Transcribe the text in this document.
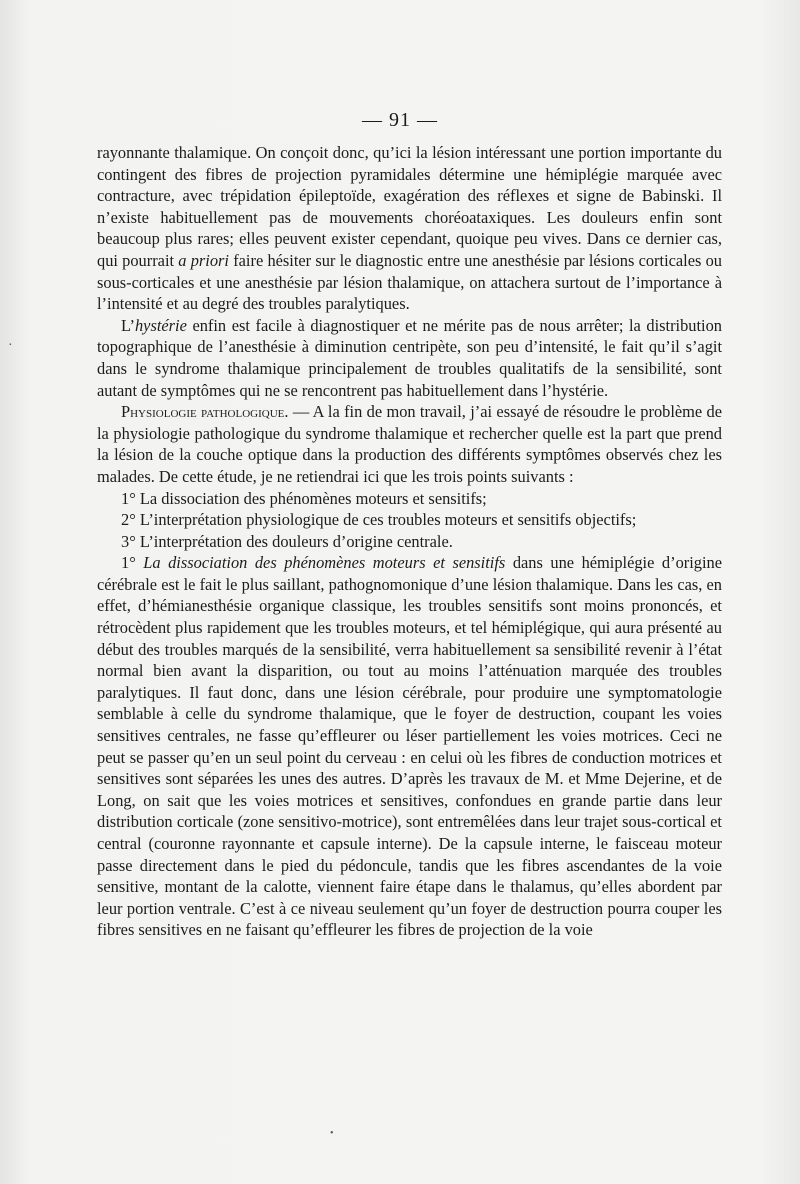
·
— 91 —

rayonnante thalamique. On conçoit donc, qu’ici la lésion intéressant une portion importante du contingent des fibres de projection pyramidales détermine une hémiplégie marquée avec contracture, avec trépidation épileptoïde, exagération des réflexes et signe de Babinski. Il n’existe habituellement pas de mouvements choréoataxiques. Les douleurs enfin sont beaucoup plus rares; elles peuvent exister cependant, quoique peu vives. Dans ce dernier cas, qui pourrait a priori faire hésiter sur le diagnostic entre une anesthésie par lésions corticales ou sous-corticales et une anesthésie par lésion thalamique, on attachera surtout de l’importance à l’intensité et au degré des troubles paralytiques.

L’hystérie enfin est facile à diagnostiquer et ne mérite pas de nous arrêter; la distribution topographique de l’anesthésie à diminution centripète, son peu d’intensité, le fait qu’il s’agit dans le syndrome thalamique principalement de troubles qualitatifs de la sensibilité, sont autant de symptômes qui ne se rencontrent pas habituellement dans l’hystérie.

Physiologie pathologique. — A la fin de mon travail, j’ai essayé de résoudre le problème de la physiologie pathologique du syndrome thalamique et rechercher quelle est la part que prend la lésion de la couche optique dans la production des différents symptômes observés chez les malades. De cette étude, je ne retiendrai ici que les trois points suivants :

1° La dissociation des phénomènes moteurs et sensitifs;

2° L’interprétation physiologique de ces troubles moteurs et sensitifs objectifs;

3° L’interprétation des douleurs d’origine centrale.

1° La dissociation des phénomènes moteurs et sensitifs dans une hémiplégie d’origine cérébrale est le fait le plus saillant, pathognomonique d’une lésion thalamique. Dans les cas, en effet, d’hémianesthésie organique classique, les troubles sensitifs sont moins prononcés, et rétrocèdent plus rapidement que les troubles moteurs, et tel hémiplégique, qui aura présenté au début des troubles marqués de la sensibilité, verra habituellement sa sensibilité revenir à l’état normal bien avant la disparition, ou tout au moins l’atténuation marquée des troubles paralytiques. Il faut donc, dans une lésion cérébrale, pour produire une symptomatologie semblable à celle du syndrome thalamique, que le foyer de destruction, coupant les voies sensitives centrales, ne fasse qu’effleurer ou léser partiellement les voies motrices. Ceci ne peut se passer qu’en un seul point du cerveau : en celui où les fibres de conduction motrices et sensitives sont séparées les unes des autres. D’après les travaux de M. et Mme Dejerine, et de Long, on sait que les voies motrices et sensitives, confondues en grande partie dans leur distribution corticale (zone sensitivo-motrice), sont entremêlées dans leur trajet sous-cortical et central (couronne rayonnante et capsule interne). De la capsule interne, le faisceau moteur passe directement dans le pied du pédoncule, tandis que les fibres ascendantes de la voie sensitive, montant de la calotte, viennent faire étape dans le thalamus, qu’elles abordent par leur portion ventrale. C’est à ce niveau seulement qu’un foyer de destruction pourra couper les fibres sensitives en ne faisant qu’effleurer les fibres de projection de la voie

•
